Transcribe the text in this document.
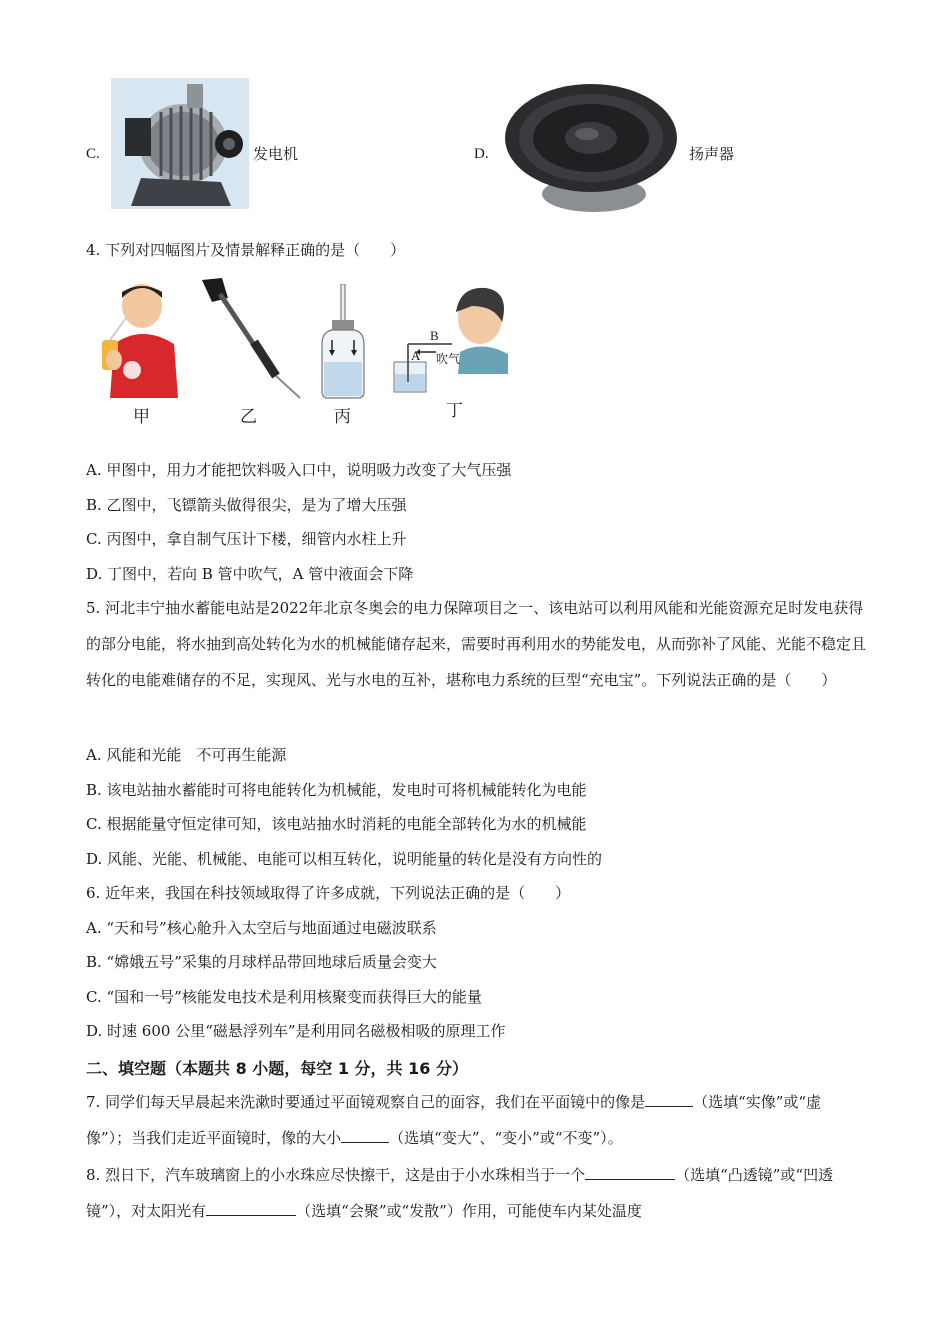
C.	发电机	D.	扬声器
4. 下列对四幅图片及情景解释正确的是（　　）
甲	乙	丙
B
A 吹气
丁
A. 甲图中，用力才能把饮料吸入口中，说明吸力改变了大气压强
B. 乙图中，飞镖箭头做得很尖，是为了增大压强
C. 丙图中，拿自制气压计下楼，细管内水柱上升
D. 丁图中，若向 B 管中吹气，A 管中液面会下降
5. 河北丰宁抽水蓄能电站是2022年北京冬奥会的电力保障项目之一、该电站可以利用风能和光能资源充足时发电获得的部分电能，将水抽到高处转化为水的机械能储存起来，需要时再利用水的势能发电，从而弥补了风能、光能不稳定且转化的电能难储存的不足，实现风、光与水电的互补，堪称电力系统的巨型“充电宝”。下列说法正确的是（　　）
A. 风能和光能　不可再生能源
B. 该电站抽水蓄能时可将电能转化为机械能，发电时可将机械能转化为电能
C. 根据能量守恒定律可知，该电站抽水时消耗的电能全部转化为水的机械能
D. 风能、光能、机械能、电能可以相互转化，说明能量的转化是没有方向性的
6. 近年来，我国在科技领域取得了许多成就，下列说法正确的是（　　）
A. “天和号”核心舱升入太空后与地面通过电磁波联系
B. “嫦娥五号”采集的月球样品带回地球后质量会变大
C. “国和一号”核能发电技术是利用核聚变而获得巨大的能量
D. 时速 600 公里“磁悬浮列车”是利用同名磁极相吸的原理工作
二、填空题（本题共 8 小题，每空 1 分，共 16 分）
7. 同学们每天早晨起来洗漱时要通过平面镜观察自己的面容，我们在平面镜中的像是	（选填“实像”或“虚像”）；当我们走近平面镜时，像的大小	（选填“变大”、“变小”或“不变”）。
8. 烈日下，汽车玻璃窗上的小水珠应尽快擦干，这是由于小水珠相当于一个	（选填“凸透镜”或“凹透镜”），对太阳光有	（选填“会聚”或“发散”）作用，可能使车内某处温度
